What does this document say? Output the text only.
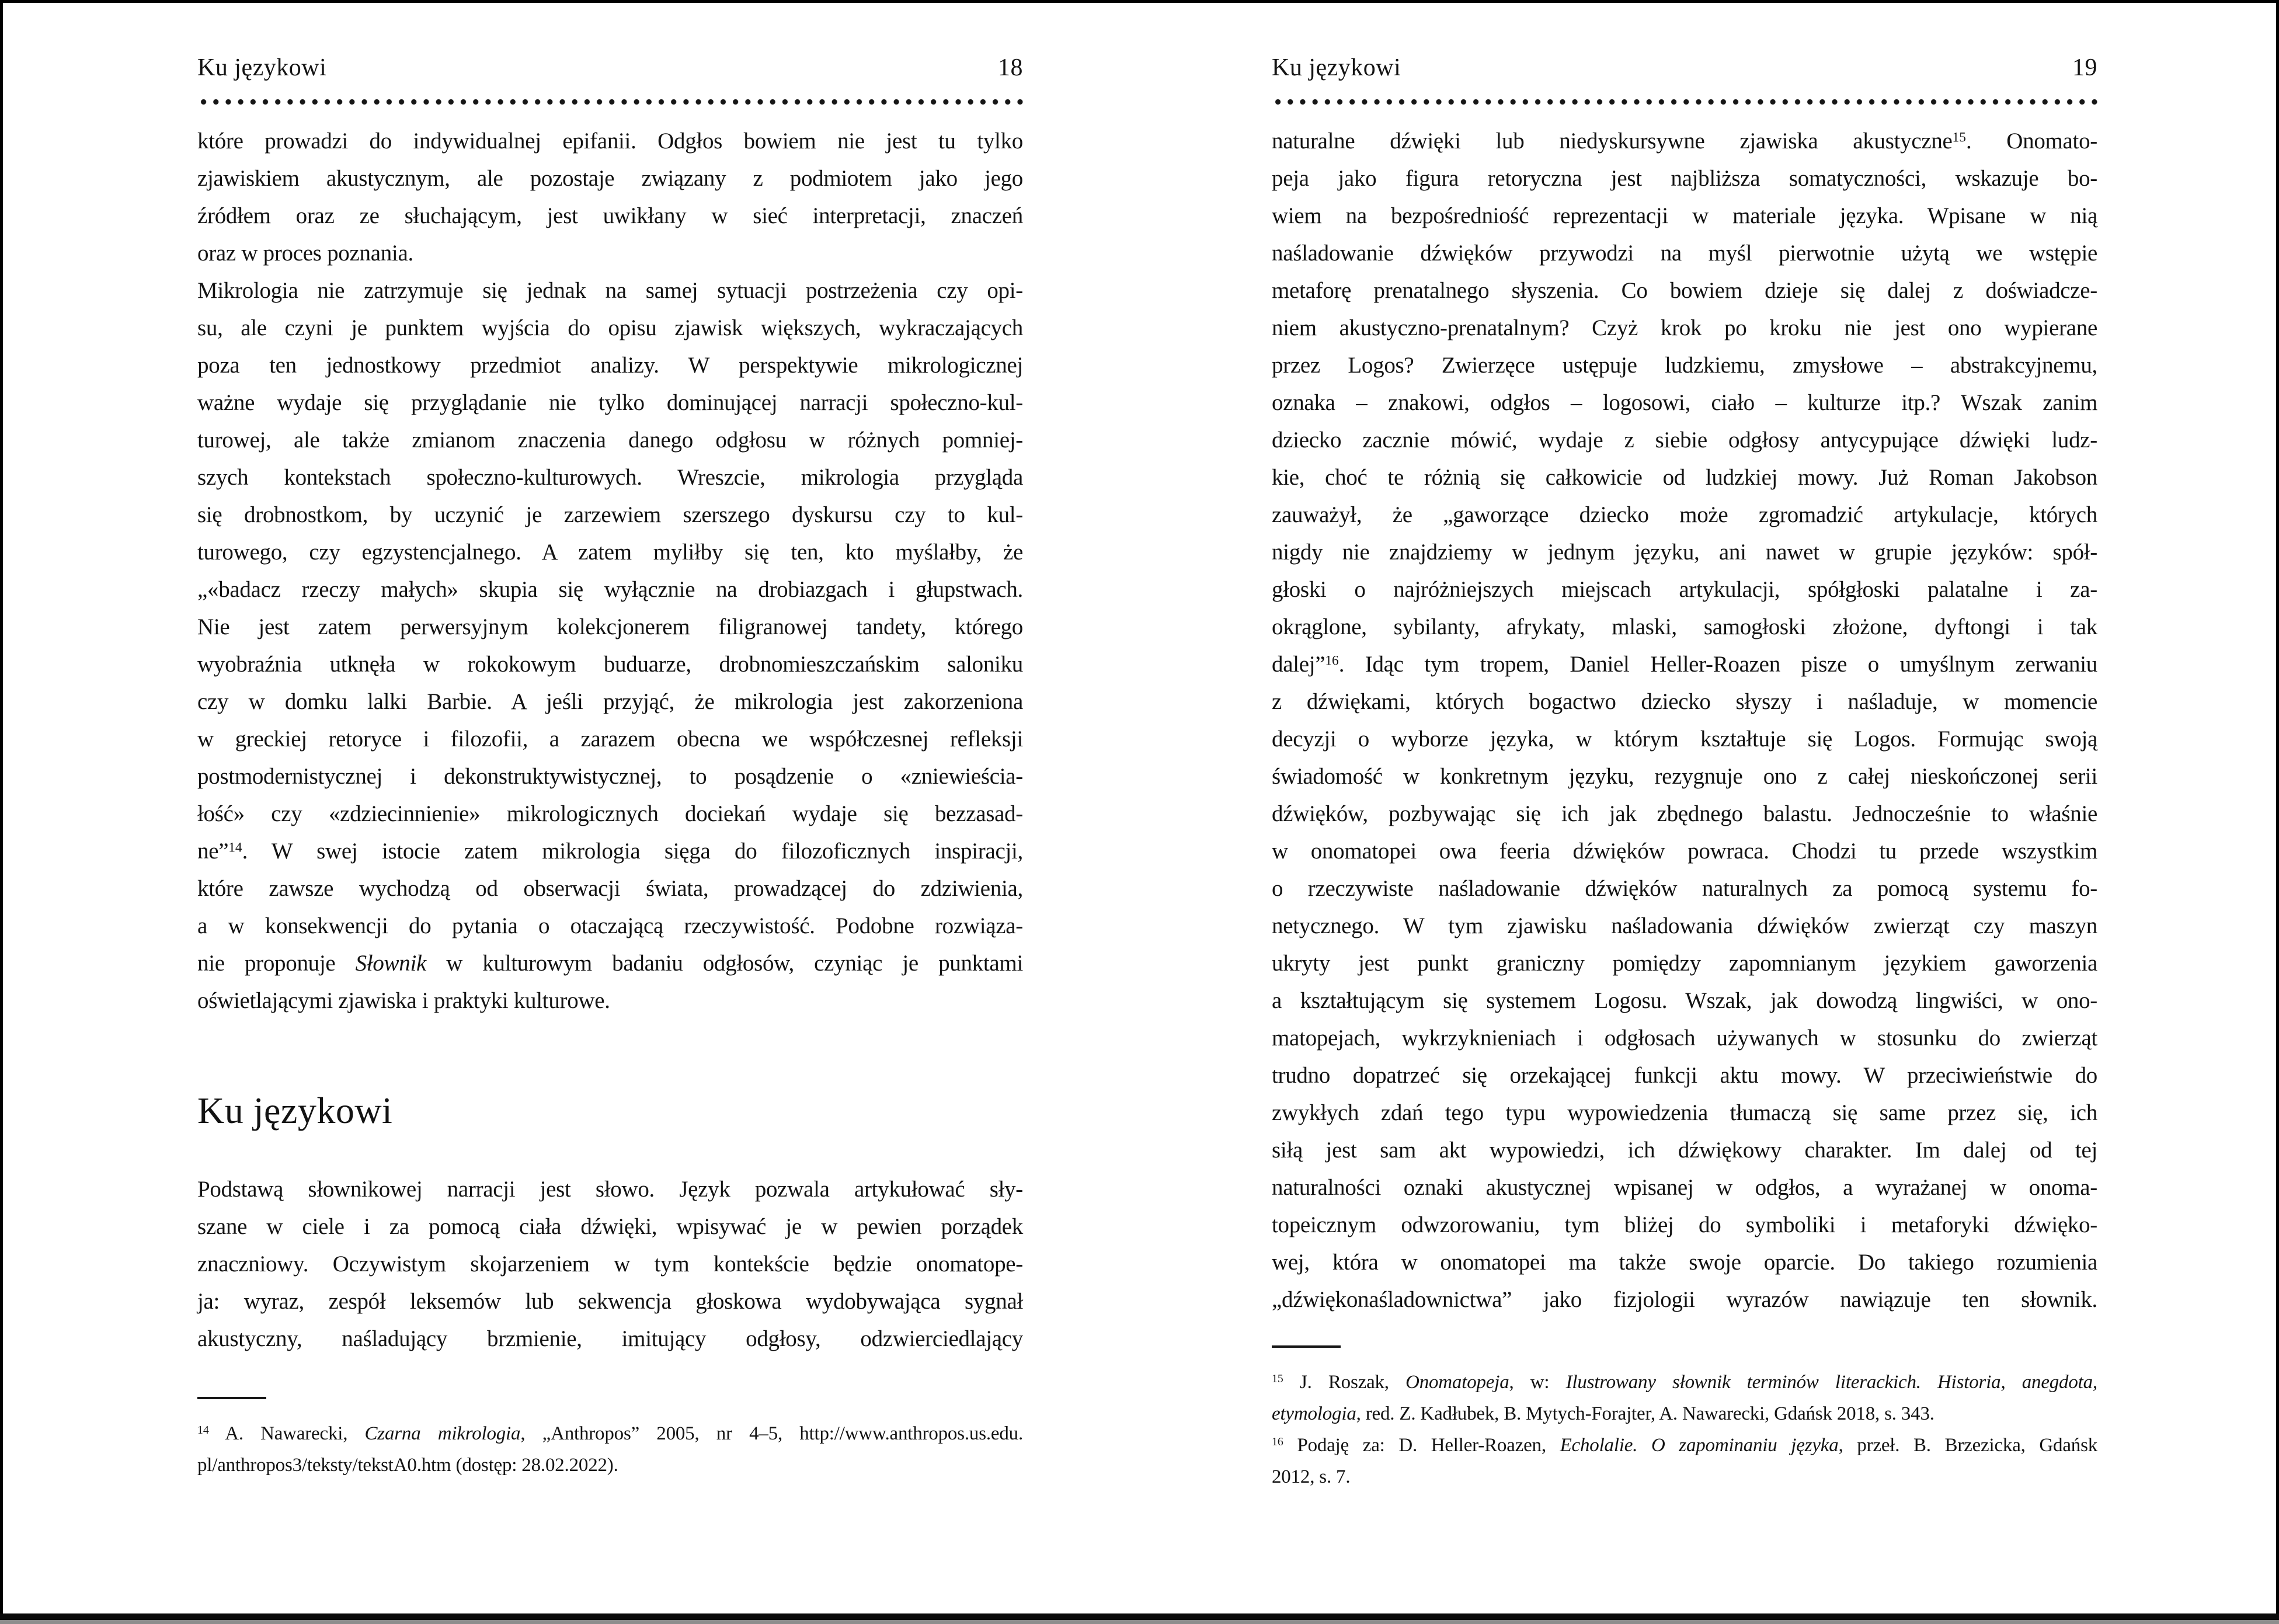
Ku językowi	18
które prowadzi do indywidualnej epifanii. Odgłos bowiem nie jest tu tylko
zjawiskiem akustycznym, ale pozostaje związany z podmiotem jako jego
źródłem oraz ze słuchającym, jest uwikłany w sieć interpretacji, znaczeń
oraz w proces poznania.
Mikrologia nie zatrzymuje się jednak na samej sytuacji postrzeżenia czy opi-
su, ale czyni je punktem wyjścia do opisu zjawisk większych, wykraczających
poza ten jednostkowy przedmiot analizy. W perspektywie mikrologicznej
ważne wydaje się przyglądanie nie tylko dominującej narracji społeczno-kul-
turowej, ale także zmianom znaczenia danego odgłosu w różnych pomniej-
szych kontekstach społeczno-kulturowych. Wreszcie, mikrologia przygląda
się drobnostkom, by uczynić je zarzewiem szerszego dyskursu czy to kul-
turowego, czy egzystencjalnego. A zatem myliłby się ten, kto myślałby, że
„«badacz rzeczy małych» skupia się wyłącznie na drobiazgach i głupstwach.
Nie jest zatem perwersyjnym kolekcjonerem filigranowej tandety, którego
wyobraźnia utknęła w rokokowym buduarze, drobnomieszczańskim saloniku
czy w domku lalki Barbie. A jeśli przyjąć, że mikrologia jest zakorzeniona
w greckiej retoryce i filozofii, a zarazem obecna we współczesnej refleksji
postmodernistycznej i dekonstruktywistycznej, to posądzenie o «zniewieścia-
łość» czy «zdziecinnienie» mikrologicznych dociekań wydaje się bezzasad-
ne”$^{14}$. W swej istocie zatem mikrologia sięga do filozoficznych inspiracji,
które zawsze wychodzą od obserwacji świata, prowadzącej do zdziwienia,
a w konsekwencji do pytania o otaczającą rzeczywistość. Podobne rozwiąza-
nie proponuje Słownik w kulturowym badaniu odgłosów, czyniąc je punktami
oświetlającymi zjawiska i praktyki kulturowe.
Ku językowi
Podstawą słownikowej narracji jest słowo. Język pozwala artykułować sły-
szane w ciele i za pomocą ciała dźwięki, wpisywać je w pewien porządek
znaczniowy. Oczywistym skojarzeniem w tym kontekście będzie onomatope-
ja: wyraz, zespół leksemów lub sekwencja głoskowa wydobywająca sygnał
akustyczny, naśladujący brzmienie, imitujący odgłosy, odzwierciedlający
$^{14}$ A. Nawarecki, Czarna mikrologia, „Anthropos” 2005, nr 4–5, http://www.anthropos.us.edu.
pl/anthropos3/teksty/tekstA0.htm (dostęp: 28.02.2022).
Ku językowi	19
naturalne dźwięki lub niedyskursywne zjawiska akustyczne$^{15}$. Onomato-
peja jako figura retoryczna jest najbliższa somatyczności, wskazuje bo-
wiem na bezpośredniość reprezentacji w materiale języka. Wpisane w nią
naśladowanie dźwięków przywodzi na myśl pierwotnie użytą we wstępie
metaforę prenatalnego słyszenia. Co bowiem dzieje się dalej z doświadcze-
niem akustyczno-prenatalnym? Czyż krok po kroku nie jest ono wypierane
przez Logos? Zwierzęce ustępuje ludzkiemu, zmysłowe – abstrakcyjnemu,
oznaka – znakowi, odgłos – logosowi, ciało – kulturze itp.? Wszak zanim
dziecko zacznie mówić, wydaje z siebie odgłosy antycypujące dźwięki ludz-
kie, choć te różnią się całkowicie od ludzkiej mowy. Już Roman Jakobson
zauważył, że „gaworzące dziecko może zgromadzić artykulacje, których
nigdy nie znajdziemy w jednym języku, ani nawet w grupie języków: spół-
głoski o najróżniejszych miejscach artykulacji, spółgłoski palatalne i za-
okrąglone, sybilanty, afrykaty, mlaski, samogłoski złożone, dyftongi i tak
dalej”$^{16}$. Idąc tym tropem, Daniel Heller-Roazen pisze o umyślnym zerwaniu
z dźwiękami, których bogactwo dziecko słyszy i naśladuje, w momencie
decyzji o wyborze języka, w którym kształtuje się Logos. Formując swoją
świadomość w konkretnym języku, rezygnuje ono z całej nieskończonej serii
dźwięków, pozbywając się ich jak zbędnego balastu. Jednocześnie to właśnie
w onomatopei owa feeria dźwięków powraca. Chodzi tu przede wszystkim
o rzeczywiste naśladowanie dźwięków naturalnych za pomocą systemu fo-
netycznego. W tym zjawisku naśladowania dźwięków zwierząt czy maszyn
ukryty jest punkt graniczny pomiędzy zapomnianym językiem gaworzenia
a kształtującym się systemem Logosu. Wszak, jak dowodzą lingwiści, w ono-
matopejach, wykrzyknieniach i odgłosach używanych w stosunku do zwierząt
trudno dopatrzeć się orzekającej funkcji aktu mowy. W przeciwieństwie do
zwykłych zdań tego typu wypowiedzenia tłumaczą się same przez się, ich
siłą jest sam akt wypowiedzi, ich dźwiękowy charakter. Im dalej od tej
naturalności oznaki akustycznej wpisanej w odgłos, a wyrażanej w onoma-
topeicznym odwzorowaniu, tym bliżej do symboliki i metaforyki dźwięko-
wej, która w onomatopei ma także swoje oparcie. Do takiego rozumienia
„dźwiękonaśladownictwa” jako fizjologii wyrazów nawiązuje ten słownik.
$^{15}$ J. Roszak, Onomatopeja, w: Ilustrowany słownik terminów literackich. Historia, anegdota,
etymologia, red. Z. Kadłubek, B. Mytych-Forajter, A. Nawarecki, Gdańsk 2018, s. 343.
$^{16}$ Podaję za: D. Heller-Roazen, Echolalie. O zapominaniu języka, przeł. B. Brzezicka, Gdańsk
2012, s. 7.
